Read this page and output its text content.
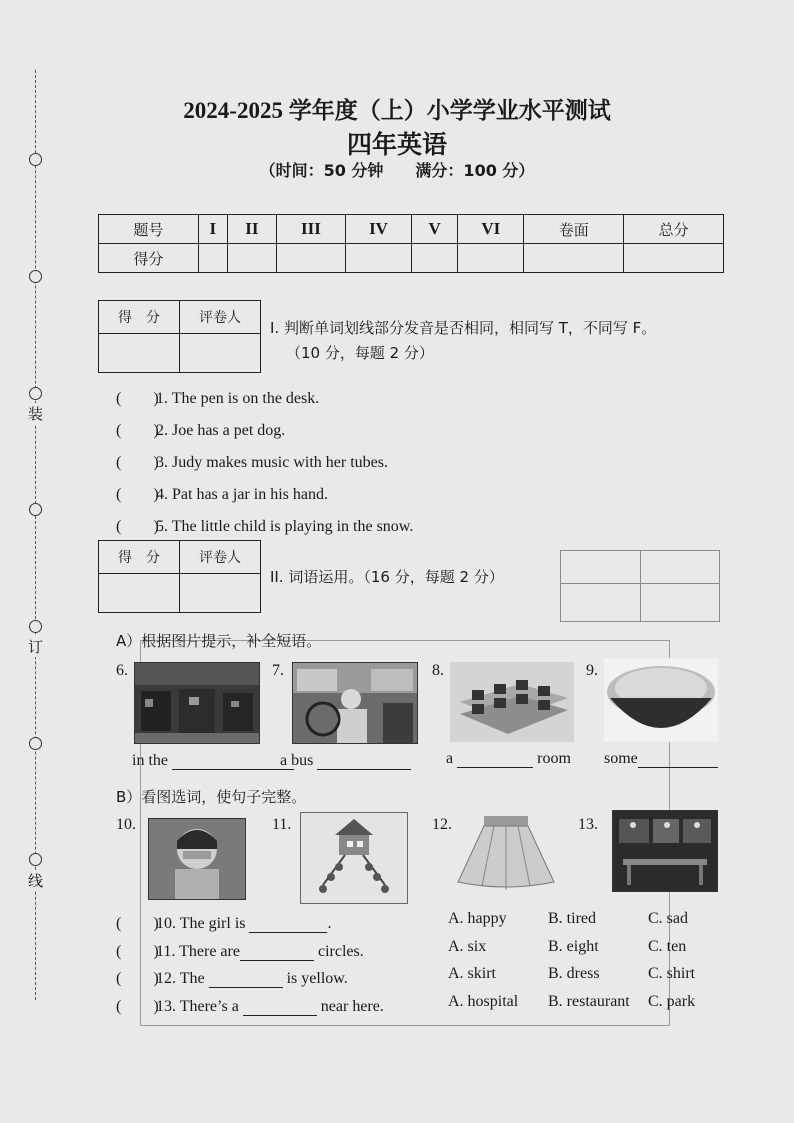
装
订
线
2024-2025 学年度（上）小学学业水平测试
四年英语
（时间：50 分钟　　满分：100 分）
题号	I	II	III	IV	V	VI	卷面	总分
得分								
得　分	评卷人

Ⅰ. 判断单词划线部分发音是否相同，相同写 T，不同写 F。
（10 分，每题 2 分）
(　　)1. The pen is on the desk.
(　　)2. Joe has a pet dog.
(　　)3. Judy makes music with her tubes.
(　　)4. Pat has a jar in his hand.
(　　)5. The little child is playing in the snow.
得　分	评卷人

II. 词语运用。（16 分，每题 2 分）
A）根据图片提示，补全短语。
6.	7.	8.	9.
in the	a bus	a	room some
B）看图选词，使句子完整。
10.	11.	12.	13.
(　　)10. The girl is	.	A. happy	B. tired	C. sad
(　　)11. There are	circles.	A. six	B. eight	C. ten
(　　)12. The	is yellow.	A. skirt	B. dress	C. shirt
(　　)13. There’s a	near here.	A. hospital B. restaurant C. park
